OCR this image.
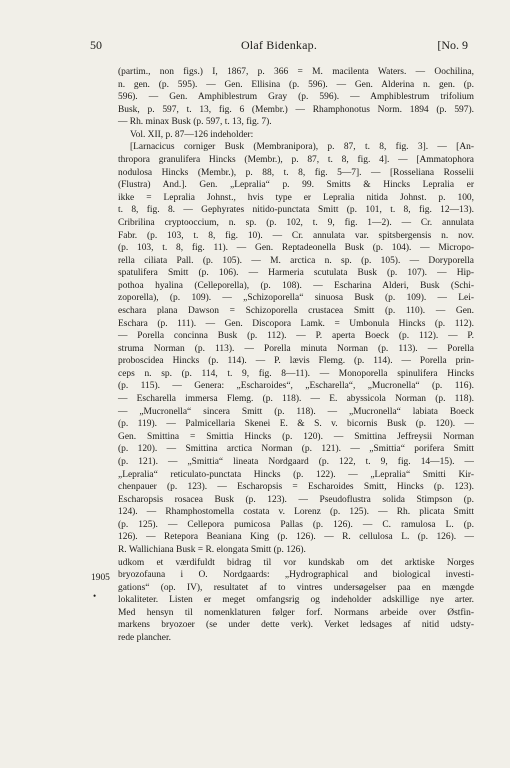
50	Olaf Bidenkap.	[No. 9
1905
•
(partim., non figs.) I, 1867, p. 366 = M. macilenta Waters. — Oochilina,
n. gen. (p. 595). — Gen. Ellisina (p. 596). — Gen. Alderina n. gen. (p.
596). — Gen. Amphiblestrum Gray (p. 596). — Amphiblestrum trifolium
Busk, p. 597, t. 13, fig. 6 (Membr.) — Rhamphonotus Norm. 1894 (p. 597).
— Rh. minax Busk (p. 597, t. 13, fig. 7).
Vol. XII, p. 87—126 indeholder:
[Larnacicus corniger Busk (Membranipora), p. 87, t. 8, fig. 3]. — [An-
thropora granulifera Hincks (Membr.), p. 87, t. 8, fig. 4]. — [Ammatophora
nodulosa Hincks (Membr.), p. 88, t. 8, fig. 5—7]. — [Rosseliana Rosselii
(Flustra) And.]. Gen. „Lepralia“ p. 99. Smitts & Hincks Lepralia er
ikke = Lepralia Johnst., hvis type er Lepralia nitida Johnst. p. 100,
t. 8, fig. 8. — Gephyrates nitido-punctata Smitt (p. 101, t. 8, fig. 12—13).
Cribrilina cryptooccium, n. sp. (p. 102, t. 9, fig. 1—2). — Cr. annulata
Fabr. (p. 103, t. 8, fig. 10). — Cr. annulata var. spitsbergensis n. nov.
(p. 103, t. 8, fig. 11). — Gen. Reptadeonella Busk (p. 104). — Micropo-
rella ciliata Pall. (p. 105). — M. arctica n. sp. (p. 105). — Doryporella
spatulifera Smitt (p. 106). — Harmeria scutulata Busk (p. 107). — Hip-
pothoa hyalina (Celleporella), (p. 108). — Escharina Alderi, Busk (Schi-
zoporella), (p. 109). — „Schizoporella“ sinuosa Busk (p. 109). — Lei-
eschara plana Dawson = Schizoporella crustacea Smitt (p. 110). — Gen.
Eschara (p. 111). — Gen. Discopora Lamk. = Umbonula Hincks (p. 112).
— Porella concinna Busk (p. 112). — P. aperta Boeck (p. 112). — P.
struma Norman (p. 113). — Porella minuta Norman (p. 113). — Porella
proboscidea Hincks (p. 114). — P. lævis Flemg. (p. 114). — Porella prin-
ceps n. sp. (p. 114, t. 9, fig. 8—11). — Monoporella spinulifera Hincks
(p. 115). — Genera: „Escharoides“, „Escharella“, „Mucronella“ (p. 116).
— Escharella immersa Flemg. (p. 118). — E. abyssicola Norman (p. 118).
— „Mucronella“ sincera Smitt (p. 118). — „Mucronella“ labiata Boeck
(p. 119). — Palmicellaria Skenei E. & S. v. bicornis Busk (p. 120). —
Gen. Smittina = Smittia Hincks (p. 120). — Smittina Jeffreysii Norman
(p. 120). — Smittina arctica Norman (p. 121). — „Smittia“ porifera Smitt
(p. 121). — „Smittia“ lineata Nordgaard (p. 122, t. 9, fig. 14—15). —
„Lepralia“ reticulato-punctata Hincks (p. 122). — „Lepralia“ Smitti Kir-
chenpauer (p. 123). — Escharopsis = Escharoides Smitt, Hincks (p. 123).
Escharopsis rosacea Busk (p. 123). — Pseudoflustra solida Stimpson (p.
124). — Rhamphostomella costata v. Lorenz (p. 125). — Rh. plicata Smitt
(p. 125). — Cellepora pumicosa Pallas (p. 126). — C. ramulosa L. (p.
126). — Retepora Beaniana King (p. 126). — R. cellulosa L. (p. 126). —
R. Wallichiana Busk = R. elongata Smitt (p. 126).
udkom et værdifuldt bidrag til vor kundskab om det arktiske Norges
bryozofauna i O. Nordgaards: „Hydrographical and biological investi-
gations“ (op. IV), resultatet af to vintres undersøgelser paa en mængde
lokaliteter. Listen er meget omfangsrig og indeholder adskillige nye arter.
Med hensyn til nomenklaturen følger forf. Normans arbeide over Østfin-
markens bryozoer (se under dette verk). Verket ledsages af nitid udsty-
rede plancher.
